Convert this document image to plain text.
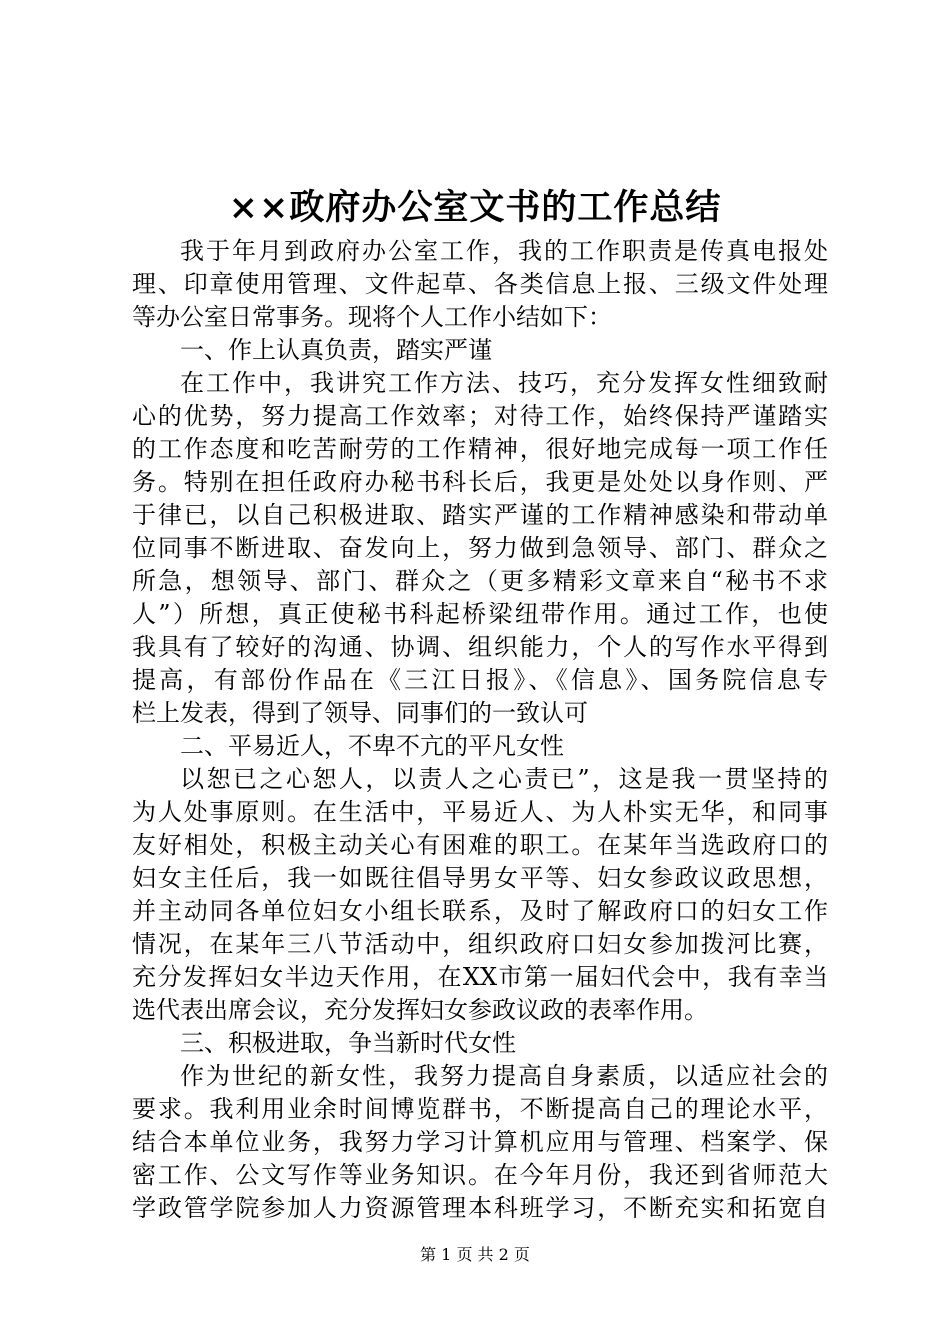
××政府办公室文书的工作总结
我于年月到政府办公室工作，我的工作职责是传真电报处
理、印章使用管理、文件起草、各类信息上报、三级文件处理
等办公室日常事务。现将个人工作小结如下：
一、作上认真负责，踏实严谨
在工作中，我讲究工作方法、技巧，充分发挥女性细致耐
心的优势，努力提高工作效率；对待工作，始终保持严谨踏实
的工作态度和吃苦耐劳的工作精神，很好地完成每一项工作任
务。特别在担任政府办秘书科长后，我更是处处以身作则、严
于律已，以自己积极进取、踏实严谨的工作精神感染和带动单
位同事不断进取、奋发向上，努力做到急领导、部门、群众之
所急，想领导、部门、群众之（更多精彩文章来自“秘书不求
人”）所想，真正使秘书科起桥梁纽带作用。通过工作，也使
我具有了较好的沟通、协调、组织能力，个人的写作水平得到
提高，有部份作品在《三江日报》、《信息》、国务院信息专
栏上发表，得到了领导、同事们的一致认可
二、平易近人，不卑不亢的平凡女性
以恕已之心恕人，以责人之心责已”，这是我一贯坚持的
为人处事原则。在生活中，平易近人、为人朴实无华，和同事
友好相处，积极主动关心有困难的职工。在某年当选政府口的
妇女主任后，我一如既往倡导男女平等、妇女参政议政思想，
并主动同各单位妇女小组长联系，及时了解政府口的妇女工作
情况，在某年三八节活动中，组织政府口妇女参加拨河比赛，
充分发挥妇女半边天作用，在XX市第一届妇代会中，我有幸当
选代表出席会议，充分发挥妇女参政议政的表率作用。
三、积极进取，争当新时代女性
作为世纪的新女性，我努力提高自身素质，以适应社会的
要求。我利用业余时间博览群书，不断提高自己的理论水平，
结合本单位业务，我努力学习计算机应用与管理、档案学、保
密工作、公文写作等业务知识。在今年月份，我还到省师范大
学政管学院参加人力资源管理本科班学习，不断充实和拓宽自
第 1 页 共 2 页
